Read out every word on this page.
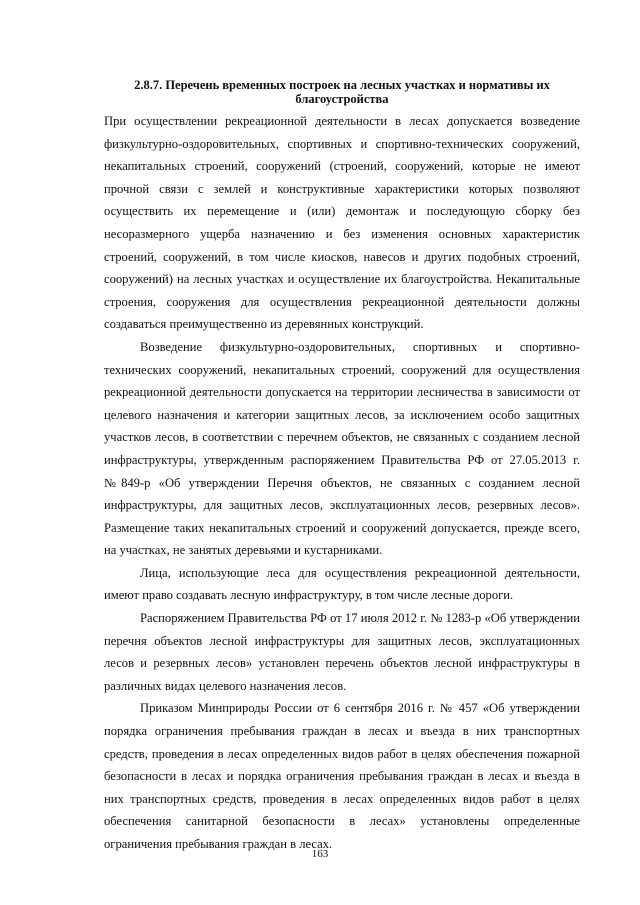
2.8.7. Перечень временных построек на лесных участках и нормативы их благоустройства

При осуществлении рекреационной деятельности в лесах допускается возведение физкультурно-оздоровительных, спортивных и спортивно-технических сооружений, некапитальных строений, сооружений (строений, сооружений, которые не имеют прочной связи с землей и конструктивные характеристики которых позволяют осуществить их перемещение и (или) демонтаж и последующую сборку без несоразмерного ущерба назначению и без изменения основных характеристик строений, сооружений, в том числе киосков, навесов и других подобных строений, сооружений) на лесных участках и осуществление их благоустройства. Некапитальные строения, сооружения для осуществления рекреационной деятельности должны создаваться преимущественно из деревянных конструкций.

Возведение физкультурно-оздоровительных, спортивных и спортивно-технических сооружений, некапитальных строений, сооружений для осуществления рекреационной деятельности допускается на территории лесничества в зависимости от целевого назначения и категории защитных лесов, за исключением особо защитных участков лесов, в соответствии с перечнем объектов, не связанных с созданием лесной инфраструктуры, утвержденным распоряжением Правительства РФ от 27.05.2013 г. №849-р «Об утверждении Перечня объектов, не связанных с созданием лесной инфраструктуры, для защитных лесов, эксплуатационных лесов, резервных лесов». Размещение таких некапитальных строений и сооружений допускается, прежде всего, на участках, не занятых деревьями и кустарниками.

Лица, использующие леса для осуществления рекреационной деятельности, имеют право создавать лесную инфраструктуру, в том числе лесные дороги.

Распоряжением Правительства РФ от 17 июля 2012 г. № 1283-р «Об утверждении перечня объектов лесной инфраструктуры для защитных лесов, эксплуатационных лесов и резервных лесов» установлен перечень объектов лесной инфраструктуры в различных видах целевого назначения лесов.

Приказом Минприроды России от 6 сентября 2016 г. № 457 «Об утверждении порядка ограничения пребывания граждан в лесах и въезда в них транспортных средств, проведения в лесах определенных видов работ в целях обеспечения пожарной безопасности в лесах и порядка ограничения пребывания граждан в лесах и въезда в них транспортных средств, проведения в лесах определенных видов работ в целях обеспечения санитарной безопасности в лесах» установлены определенные ограничения пребывания граждан в лесах.

163
